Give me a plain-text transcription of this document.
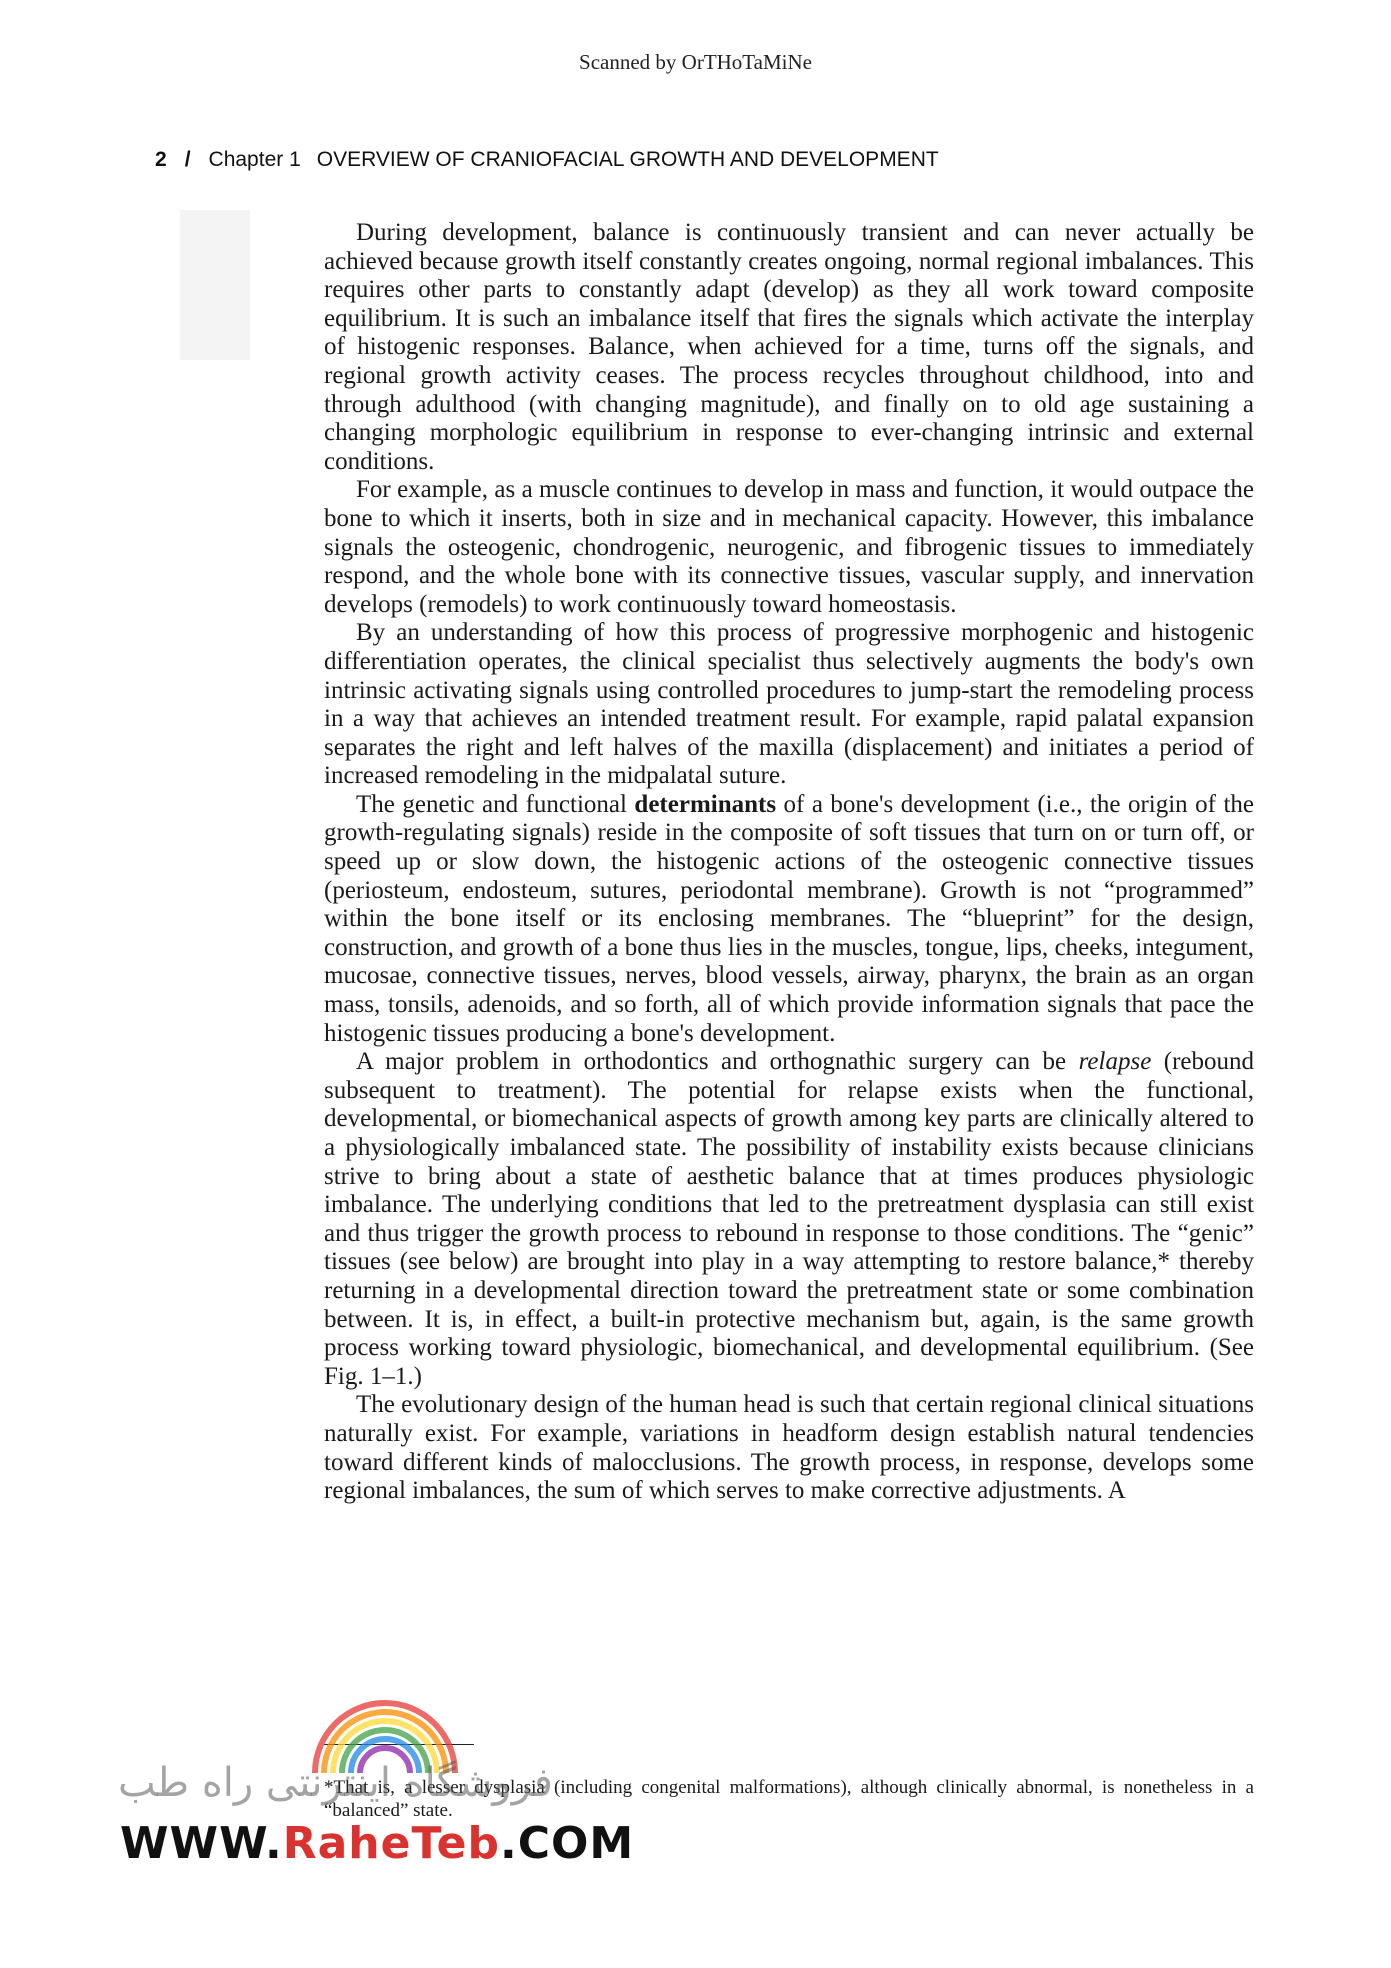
Scanned by OrTHoTaMiNe
2 / Chapter 1 OVERVIEW OF CRANIOFACIAL GROWTH AND DEVELOPMENT

During development, balance is continuously transient and can never actually be achieved because growth itself constantly creates ongoing, normal regional imbalances. This requires other parts to constantly adapt (develop) as they all work toward composite equilibrium. It is such an imbalance itself that fires the signals which activate the interplay of histogenic responses. Balance, when achieved for a time, turns off the signals, and regional growth activity ceases. The process recycles throughout childhood, into and through adulthood (with changing magnitude), and finally on to old age sustaining a changing morphologic equilibrium in response to ever-changing intrinsic and external conditions.

For example, as a muscle continues to develop in mass and function, it would outpace the bone to which it inserts, both in size and in mechanical capacity. However, this imbalance signals the osteogenic, chondrogenic, neurogenic, and fibrogenic tissues to immediately respond, and the whole bone with its connective tissues, vascular supply, and innervation develops (remodels) to work continuously toward homeostasis.

By an understanding of how this process of progressive morphogenic and histogenic differentiation operates, the clinical specialist thus selectively augments the body's own intrinsic activating signals using controlled procedures to jump-start the remodeling process in a way that achieves an intended treatment result. For example, rapid palatal expansion separates the right and left halves of the maxilla (displacement) and initiates a period of increased remodeling in the midpalatal suture.

The genetic and functional determinants of a bone's development (i.e., the origin of the growth-regulating signals) reside in the composite of soft tissues that turn on or turn off, or speed up or slow down, the histogenic actions of the osteogenic connective tissues (periosteum, endosteum, sutures, periodontal membrane). Growth is not “programmed” within the bone itself or its enclosing membranes. The “blueprint” for the design, construction, and growth of a bone thus lies in the muscles, tongue, lips, cheeks, integument, mucosae, connective tissues, nerves, blood vessels, airway, pharynx, the brain as an organ mass, tonsils, adenoids, and so forth, all of which provide information signals that pace the histogenic tissues producing a bone's development.

A major problem in orthodontics and orthognathic surgery can be relapse (rebound subsequent to treatment). The potential for relapse exists when the functional, developmental, or biomechanical aspects of growth among key parts are clinically altered to a physiologically imbalanced state. The possibility of instability exists because clinicians strive to bring about a state of aesthetic balance that at times produces physiologic imbalance. The underlying conditions that led to the pretreatment dysplasia can still exist and thus trigger the growth process to rebound in response to those conditions. The “genic” tissues (see below) are brought into play in a way attempting to restore balance,* thereby returning in a developmental direction toward the pretreatment state or some combination between. It is, in effect, a built-in protective mechanism but, again, is the same growth process working toward physiologic, biomechanical, and developmental equilibrium. (See Fig. 1–1.)

The evolutionary design of the human head is such that certain regional clinical situations naturally exist. For example, variations in headform design establish natural tendencies toward different kinds of malocclusions. The growth process, in response, develops some regional imbalances, the sum of which serves to make corrective adjustments. A

*That is, a lesser dysplasia (including congenital malformations), although clinically abnormal, is nonetheless in a “balanced” state.
فروشگاه اینترنتی راه طب
WWW.RaheTeb.COM
